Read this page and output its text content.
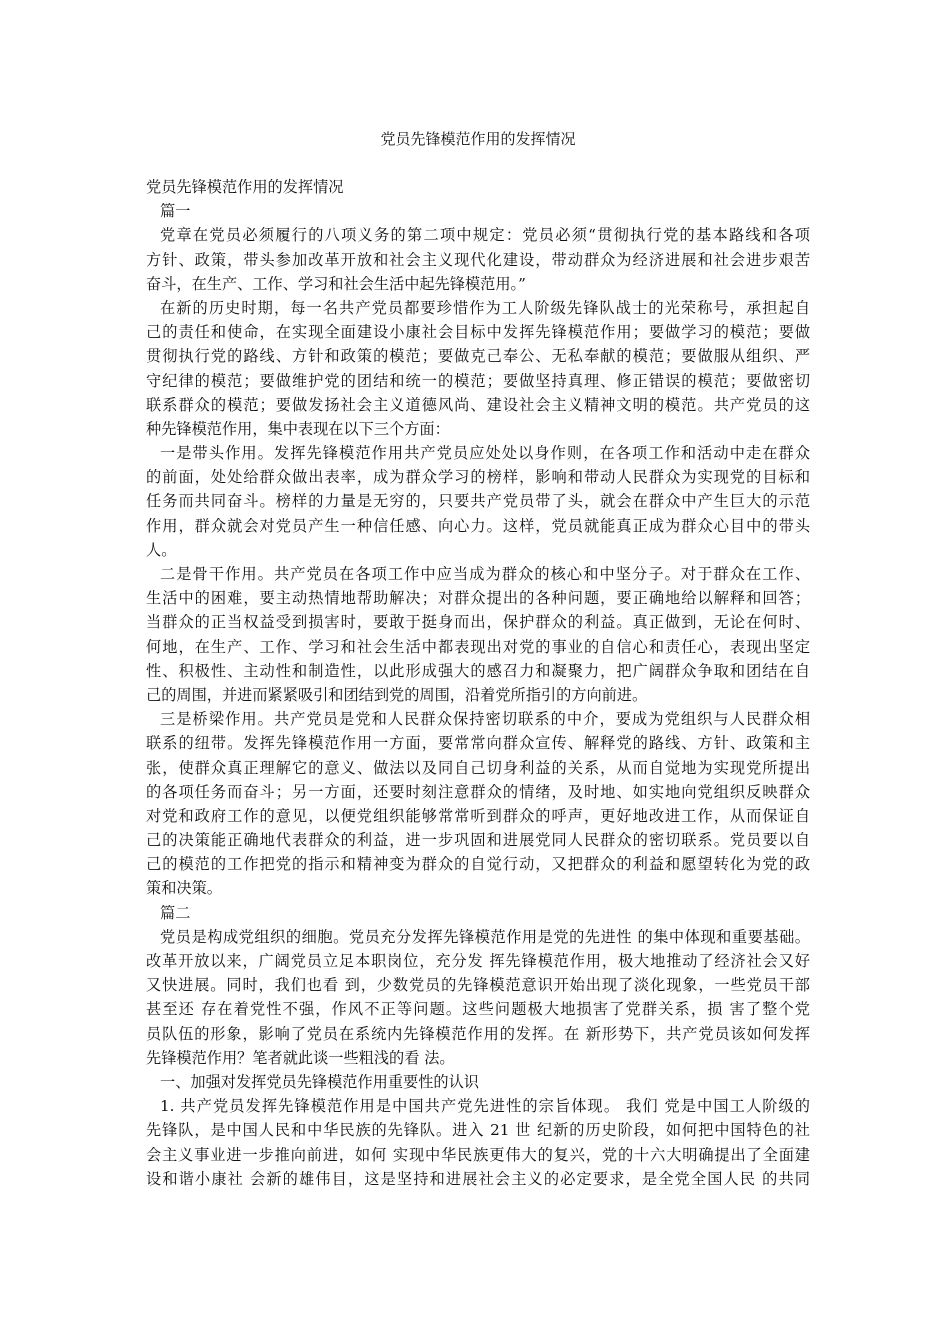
党员先锋模范作用的发挥情况
党员先锋模范作用的发挥情况
篇一
党章在党员必须履行的八项义务的第二项中规定：党员必须“贯彻执行党的基本路线和各项
方针、政策，带头参加改革开放和社会主义现代化建设，带动群众为经济进展和社会进步艰苦
奋斗，在生产、工作、学习和社会生活中起先锋模范用。”
在新的历史时期，每一名共产党员都要珍惜作为工人阶级先锋队战士的光荣称号，承担起自
己的责任和使命，在实现全面建设小康社会目标中发挥先锋模范作用；要做学习的模范；要做
贯彻执行党的路线、方针和政策的模范；要做克己奉公、无私奉献的模范；要做服从组织、严
守纪律的模范；要做维护党的团结和统一的模范；要做坚持真理、修正错误的模范；要做密切
联系群众的模范；要做发扬社会主义道德风尚、建设社会主义精神文明的模范。共产党员的这
种先锋模范作用，集中表现在以下三个方面：
一是带头作用。发挥先锋模范作用共产党员应处处以身作则，在各项工作和活动中走在群众
的前面，处处给群众做出表率，成为群众学习的榜样，影响和带动人民群众为实现党的目标和
任务而共同奋斗。榜样的力量是无穷的，只要共产党员带了头，就会在群众中产生巨大的示范
作用，群众就会对党员产生一种信任感、向心力。这样，党员就能真正成为群众心目中的带头
人。
二是骨干作用。共产党员在各项工作中应当成为群众的核心和中坚分子。对于群众在工作、
生活中的困难，要主动热情地帮助解决；对群众提出的各种问题，要正确地给以解释和回答；
当群众的正当权益受到损害时，要敢于挺身而出，保护群众的利益。真正做到，无论在何时、
何地，在生产、工作、学习和社会生活中都表现出对党的事业的自信心和责任心，表现出坚定
性、积极性、主动性和制造性，以此形成强大的感召力和凝聚力，把广阔群众争取和团结在自
己的周围，并进而紧紧吸引和团结到党的周围，沿着党所指引的方向前进。
三是桥梁作用。共产党员是党和人民群众保持密切联系的中介，要成为党组织与人民群众相
联系的纽带。发挥先锋模范作用一方面，要常常向群众宣传、解释党的路线、方针、政策和主
张，使群众真正理解它的意义、做法以及同自己切身利益的关系，从而自觉地为实现党所提出
的各项任务而奋斗；另一方面，还要时刻注意群众的情绪，及时地、如实地向党组织反映群众
对党和政府工作的意见，以便党组织能够常常听到群众的呼声，更好地改进工作，从而保证自
己的决策能正确地代表群众的利益，进一步巩固和进展党同人民群众的密切联系。党员要以自
己的模范的工作把党的指示和精神变为群众的自觉行动，又把群众的利益和愿望转化为党的政
策和决策。
篇二
党员是构成党组织的细胞。党员充分发挥先锋模范作用是党的先进性 的集中体现和重要基础。
改革开放以来，广阔党员立足本职岗位，充分发 挥先锋模范作用，极大地推动了经济社会又好
又快进展。同时，我们也看 到，少数党员的先锋模范意识开始出现了淡化现象，一些党员干部
甚至还 存在着党性不强，作风不正等问题。这些问题极大地损害了党群关系，损 害了整个党
员队伍的形象，影响了党员在系统内先锋模范作用的发挥。在 新形势下，共产党员该如何发挥
先锋模范作用？笔者就此谈一些粗浅的看 法。
一、加强对发挥党员先锋模范作用重要性的认识
1. 共产党员发挥先锋模范作用是中国共产党先进性的宗旨体现。 我们 党是中国工人阶级的
先锋队，是中国人民和中华民族的先锋队。进入 21 世 纪新的历史阶段，如何把中国特色的社
会主义事业进一步推向前进，如何 实现中华民族更伟大的复兴，党的十六大明确提出了全面建
设和谐小康社 会新的雄伟目，这是坚持和进展社会主义的必定要求，是全党全国人民 的共同
